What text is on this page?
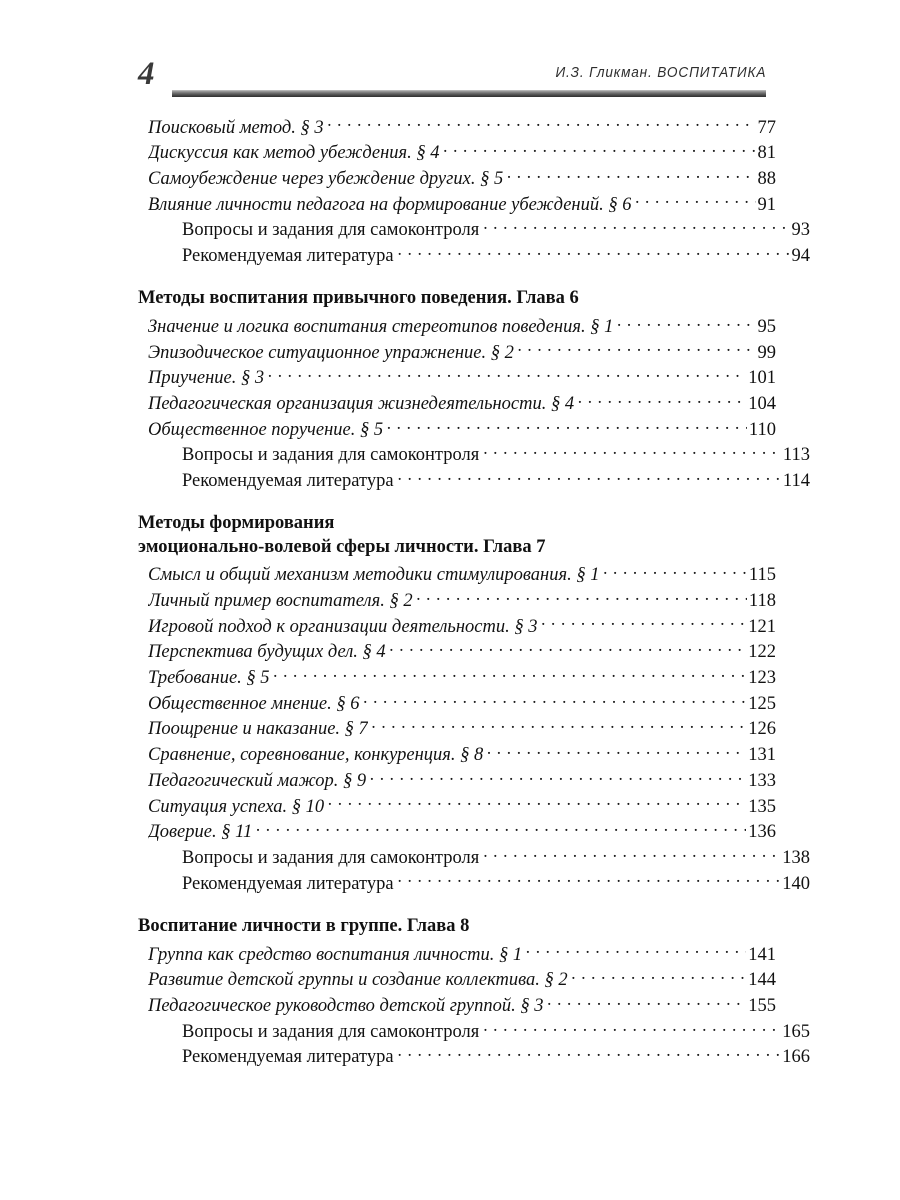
4	И.З. Гликман. ВОСПИТАТИКА
Поисковый метод. § 3 . . .	77
Дискуссия как метод убеждения. § 4 . . .	81
Самоубеждение через убеждение других. § 5 . . .	88
Влияние личности педагога на формирование убеждений. § 6 . . .	91
Вопросы и задания для самоконтроля . . .	93
Рекомендуемая литература . . .	94
Методы воспитания привычного поведения. Глава 6
Значение и логика воспитания стереотипов поведения. § 1 . . .	95
Эпизодическое ситуационное упражнение. § 2 . . .	99
Приучение. § 3 . . .	101
Педагогическая организация жизнедеятельности. § 4 . . .	104
Общественное поручение. § 5 . . .	110
Вопросы и задания для самоконтроля . . .	113
Рекомендуемая литература . . .	114
Методы формирования
эмоционально-волевой сферы личности. Глава 7
Смысл и общий механизм методики стимулирования. § 1 . . .	115
Личный пример воспитателя. § 2 . . .	118
Игровой подход к организации деятельности. § 3 . . .	121
Перспектива будущих дел. § 4 . . .	122
Требование. § 5 . . .	123
Общественное мнение. § 6 . . .	125
Поощрение и наказание. § 7 . . .	126
Сравнение, соревнование, конкуренция. § 8 . . .	131
Педагогический мажор. § 9 . . .	133
Ситуация успеха. § 10 . . .	135
Доверие. § 11 . . .	136
Вопросы и задания для самоконтроля . . .	138
Рекомендуемая литература . . .	140
Воспитание личности в группе. Глава 8
Группа как средство воспитания личности. § 1 . . .	141
Развитие детской группы и создание коллектива. § 2 . . .	144
Педагогическое руководство детской группой. § 3 . . .	155
Вопросы и задания для самоконтроля . . .	165
Рекомендуемая литература . . .	166
